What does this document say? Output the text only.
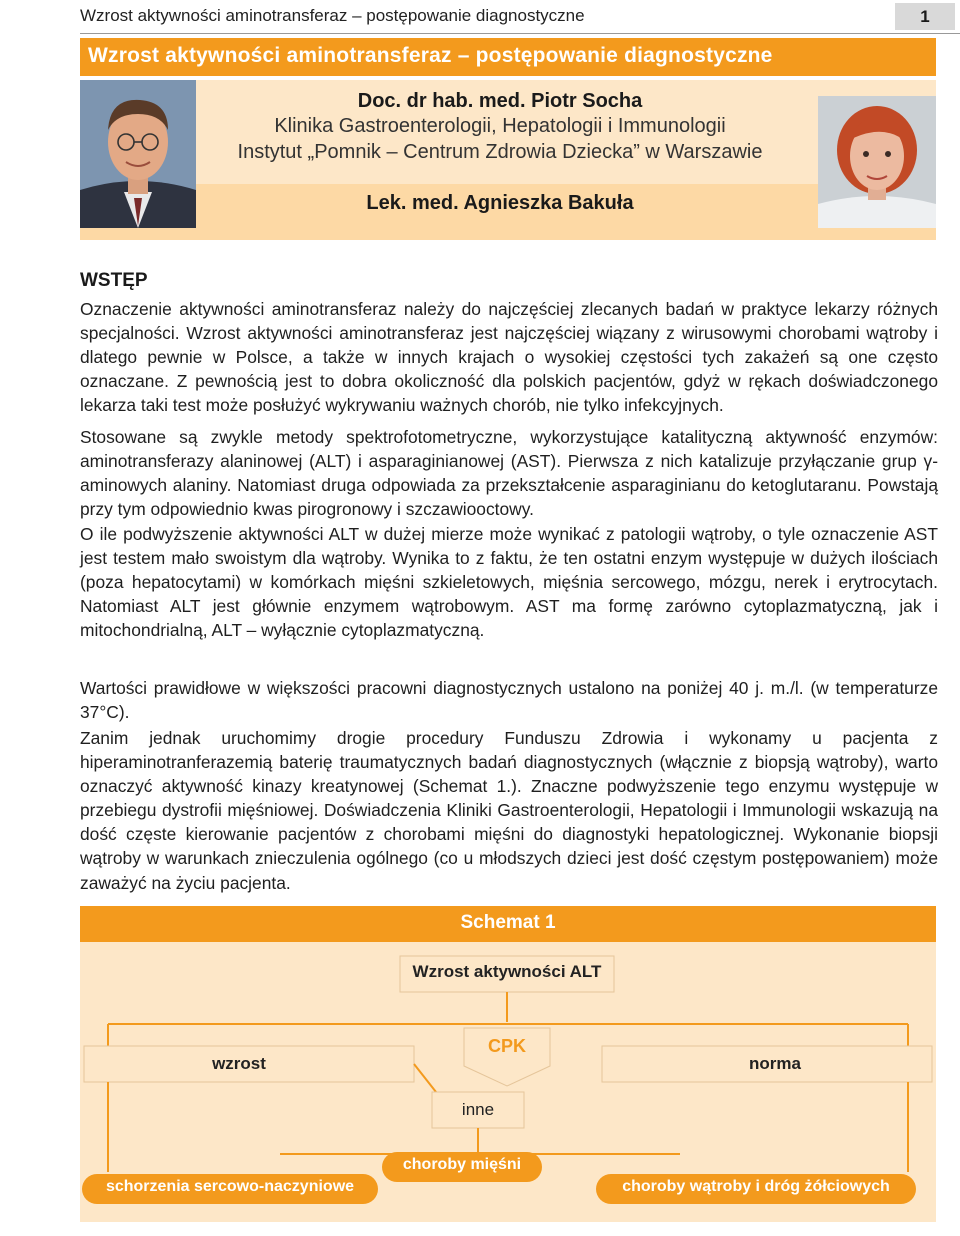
Wzrost aktywności aminotransferaz – postępowanie diagnostyczne	1
Wzrost aktywności aminotransferaz – postępowanie diagnostyczne
Doc. dr hab. med. Piotr Socha
Klinika Gastroenterologii, Hepatologii i Immunologii
Instytut „Pomnik – Centrum Zdrowia Dziecka” w Warszawie
Lek. med. Agnieszka Bakuła
WSTĘP
Oznaczenie aktywności aminotransferaz należy do najczęściej zlecanych badań w praktyce lekarzy różnych specjalności. Wzrost aktywności aminotransferaz jest najczęściej wiązany z wirusowymi chorobami wątroby i dlatego pewnie w Polsce, a także w innych krajach o wysokiej częstości tych zakażeń są one często oznaczane. Z pewnością jest to dobra okoliczność dla polskich pacjentów, gdyż w rękach doświadczonego lekarza taki test może posłużyć wykrywaniu ważnych chorób, nie tylko infekcyjnych.
Stosowane są zwykle metody spektrofotometryczne, wykorzystujące katalityczną aktywność enzymów: aminotransferazy alaninowej (ALT) i asparaginianowej (AST). Pierwsza z nich katalizuje przyłączanie grup γ-aminowych alaniny. Natomiast druga odpowiada za przekształcenie asparaginianu do ketoglutaranu. Powstają przy tym odpowiednio kwas pirogronowy i szczawiooctowy.
O ile podwyższenie aktywności ALT w dużej mierze może wynikać z patologii wątroby, o tyle oznaczenie AST jest testem mało swoistym dla wątroby. Wynika to z faktu, że ten ostatni enzym występuje w dużych ilościach (poza hepatocytami) w komórkach mięśni szkieletowych, mięśnia sercowego, mózgu, nerek i erytrocytach. Natomiast ALT jest głównie enzymem wątrobowym. AST ma formę zarówno cytoplazmatyczną, jak i mitochondrialną, ALT – wyłącznie cytoplazmatyczną.
Wartości prawidłowe w większości pracowni diagnostycznych ustalono na poniżej 40 j. m./l. (w temperaturze 37°C).
Zanim jednak uruchomimy drogie procedury Funduszu Zdrowia i wykonamy u pacjenta z hiperaminotranferazemią baterię traumatycznych badań diagnostycznych (włącznie z biopsją wątroby), warto oznaczyć aktywność kinazy kreatynowej (Schemat 1.). Znaczne podwyższenie tego enzymu występuje w przebiegu dystrofii mięśniowej. Doświadczenia Kliniki Gastroenterologii, Hepatologii i Immunologii wskazują na dość częste kierowanie pacjentów z chorobami mięśni do diagnostyki hepatologicznej. Wykonanie biopsji wątroby w warunkach znieczulenia ogólnego (co u młodszych dzieci jest dość częstym postępowaniem) może zaważyć na życiu pacjenta.
Schemat 1
Wzrost aktywności ALT
CPK
wzrost	norma
inne
choroby mięśni
schorzenia sercowo-naczyniowe	choroby wątroby i dróg żółciowych
